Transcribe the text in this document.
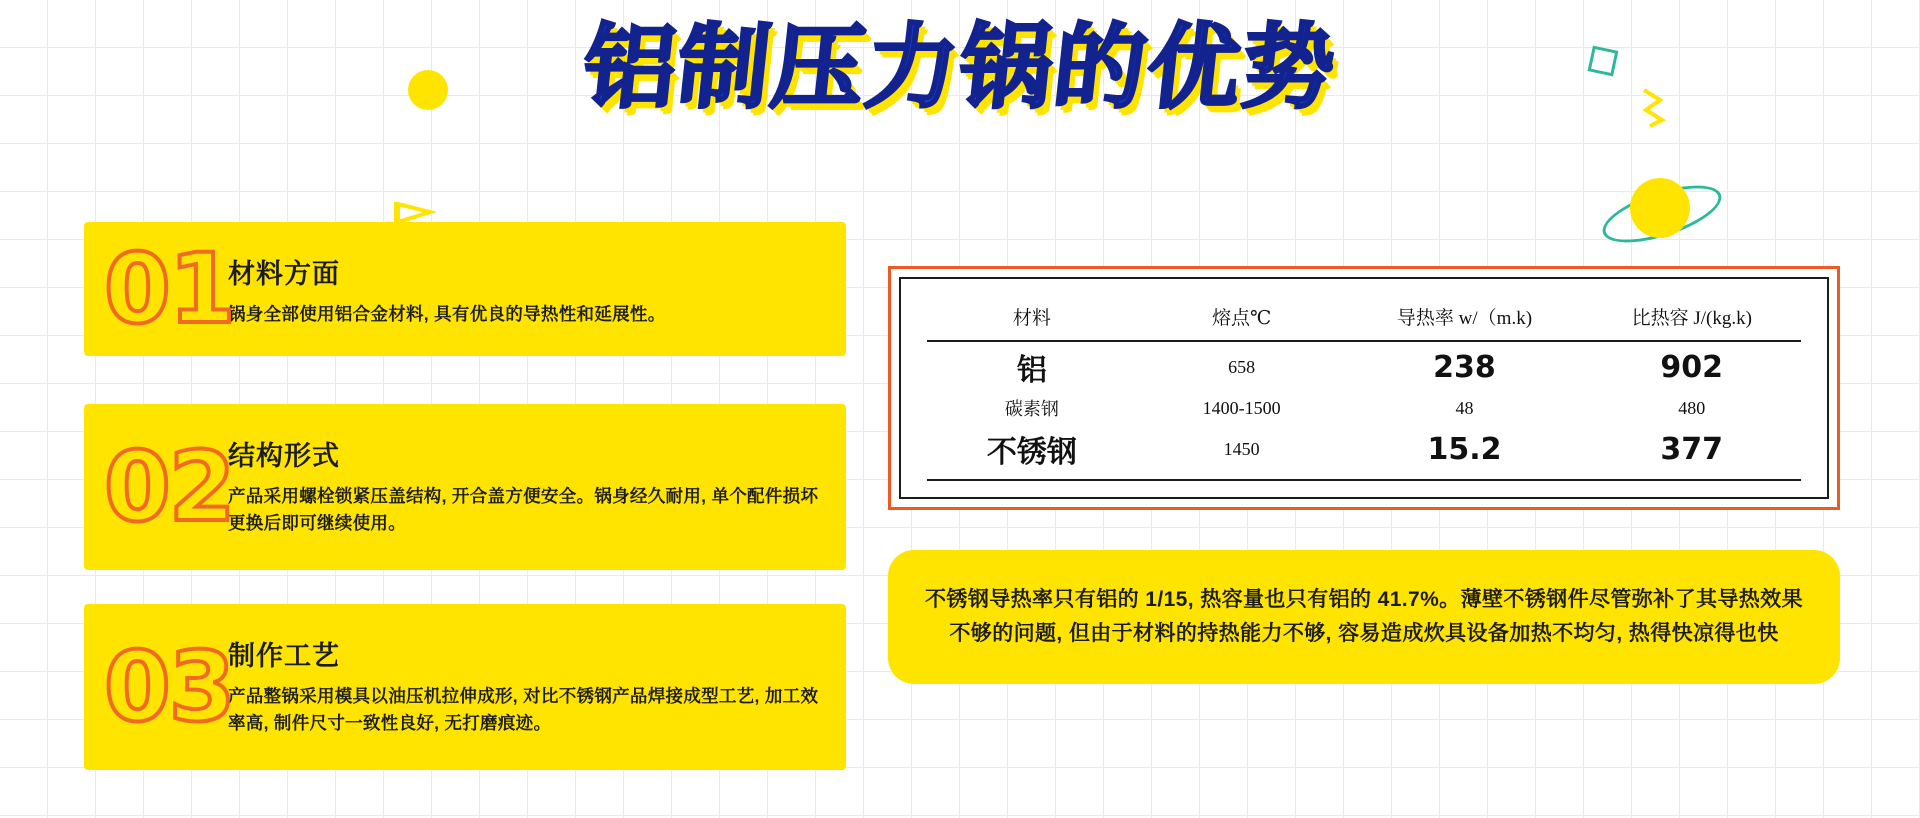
铝制压力锅的优势
01
材料方面
锅身全部使用铝合金材料, 具有优良的导热性和延展性。
02
结构形式
产品采用螺栓锁紧压盖结构, 开合盖方便安全。锅身经久耐用, 单个配件损坏更换后即可继续使用。
03
制作工艺
产品整锅采用模具以油压机拉伸成形, 对比不锈钢产品焊接成型工艺, 加工效率高, 制件尺寸一致性良好, 无打磨痕迹。
材料	熔点℃	导热率 w/（m.k)	比热容 J/(kg.k)
铝	658	238	902
碳素钢	1400-1500	48	480
不锈钢	1450	15.2	377

不锈钢导热率只有铝的 1/15, 热容量也只有铝的 41.7%。薄壁不锈钢件尽管弥补了其导热效果不够的问题, 但由于材料的持热能力不够, 容易造成炊具设备加热不均匀, 热得快凉得也快
